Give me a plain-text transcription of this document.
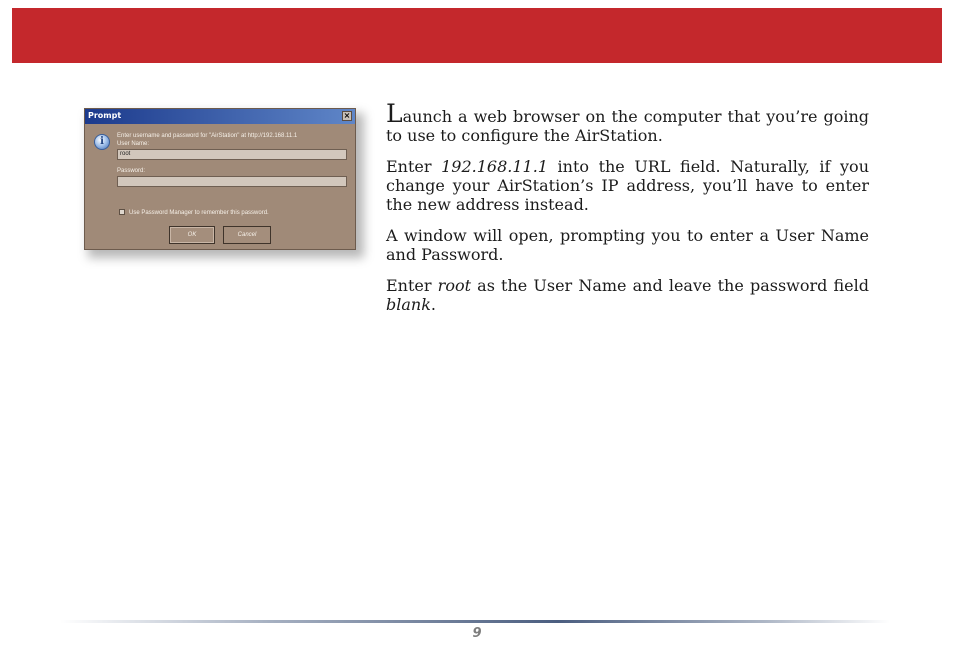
Prompt	×
i	Enter username and password for "AirStation" at http://192.168.11.1
User Name:
root
Password:
Use Password Manager to remember this password.
OK	Cancel

Launch a web browser on the computer that you’re going to use to configure the AirStation.

Enter 192.168.11.1 into the URL field. Naturally, if you change your AirStation’s IP address, you’ll have to enter the new address instead.

A window will open, prompting you to enter a User Name and Password.

Enter root as the User Name and leave the password field blank.

9
